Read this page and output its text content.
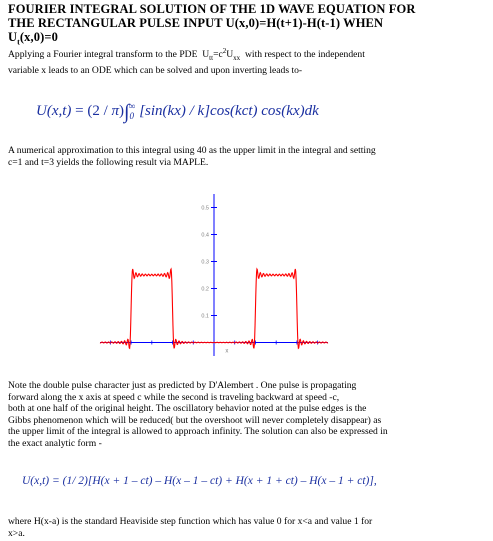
FOURIER INTEGRAL SOLUTION OF THE 1D WAVE EQUATION FOR
THE RECTANGULAR PULSE INPUT U(x,0)=H(t+1)-H(t-1) WHEN
$U_t(x,0)=0$
Applying a Fourier integral transform to the PDE  $U_{tt}=c^2U_{xx}$  with respect to the independent
variable x leads to an ODE which can be solved and upon inverting leads to-
$U(x,t) = (2 / \pi)\int_0^\infty$ [sin(kx) / k]cos(kct) cos(kx)dk
A numerical approximation to this integral using 40 as the upper limit in the integral and setting
c=1 and t=3 yields the following result via MAPLE.
0.5
0.4
0.3
0.2
0.1
x
Note the double pulse character just as predicted by D'Alembert . One pulse is propagating
forward along the x axis at speed c while the second is traveling backward at speed -c,
both at one half of the original height. The oscillatory behavior noted at the pulse edges is the
Gibbs phenomenon which will be reduced( but the overshoot will never completely disappear) as
the upper limit of the integral is allowed to approach infinity. The solution can also be expressed in
the exact analytic form -
U(x,t) = (1/ 2)[H(x + 1 – ct) – H(x – 1 – ct) + H(x + 1 + ct) – H(x – 1 + ct)],
where H(x-a) is the standard Heaviside step function which has value 0 for x<a and value 1 for
x>a.
